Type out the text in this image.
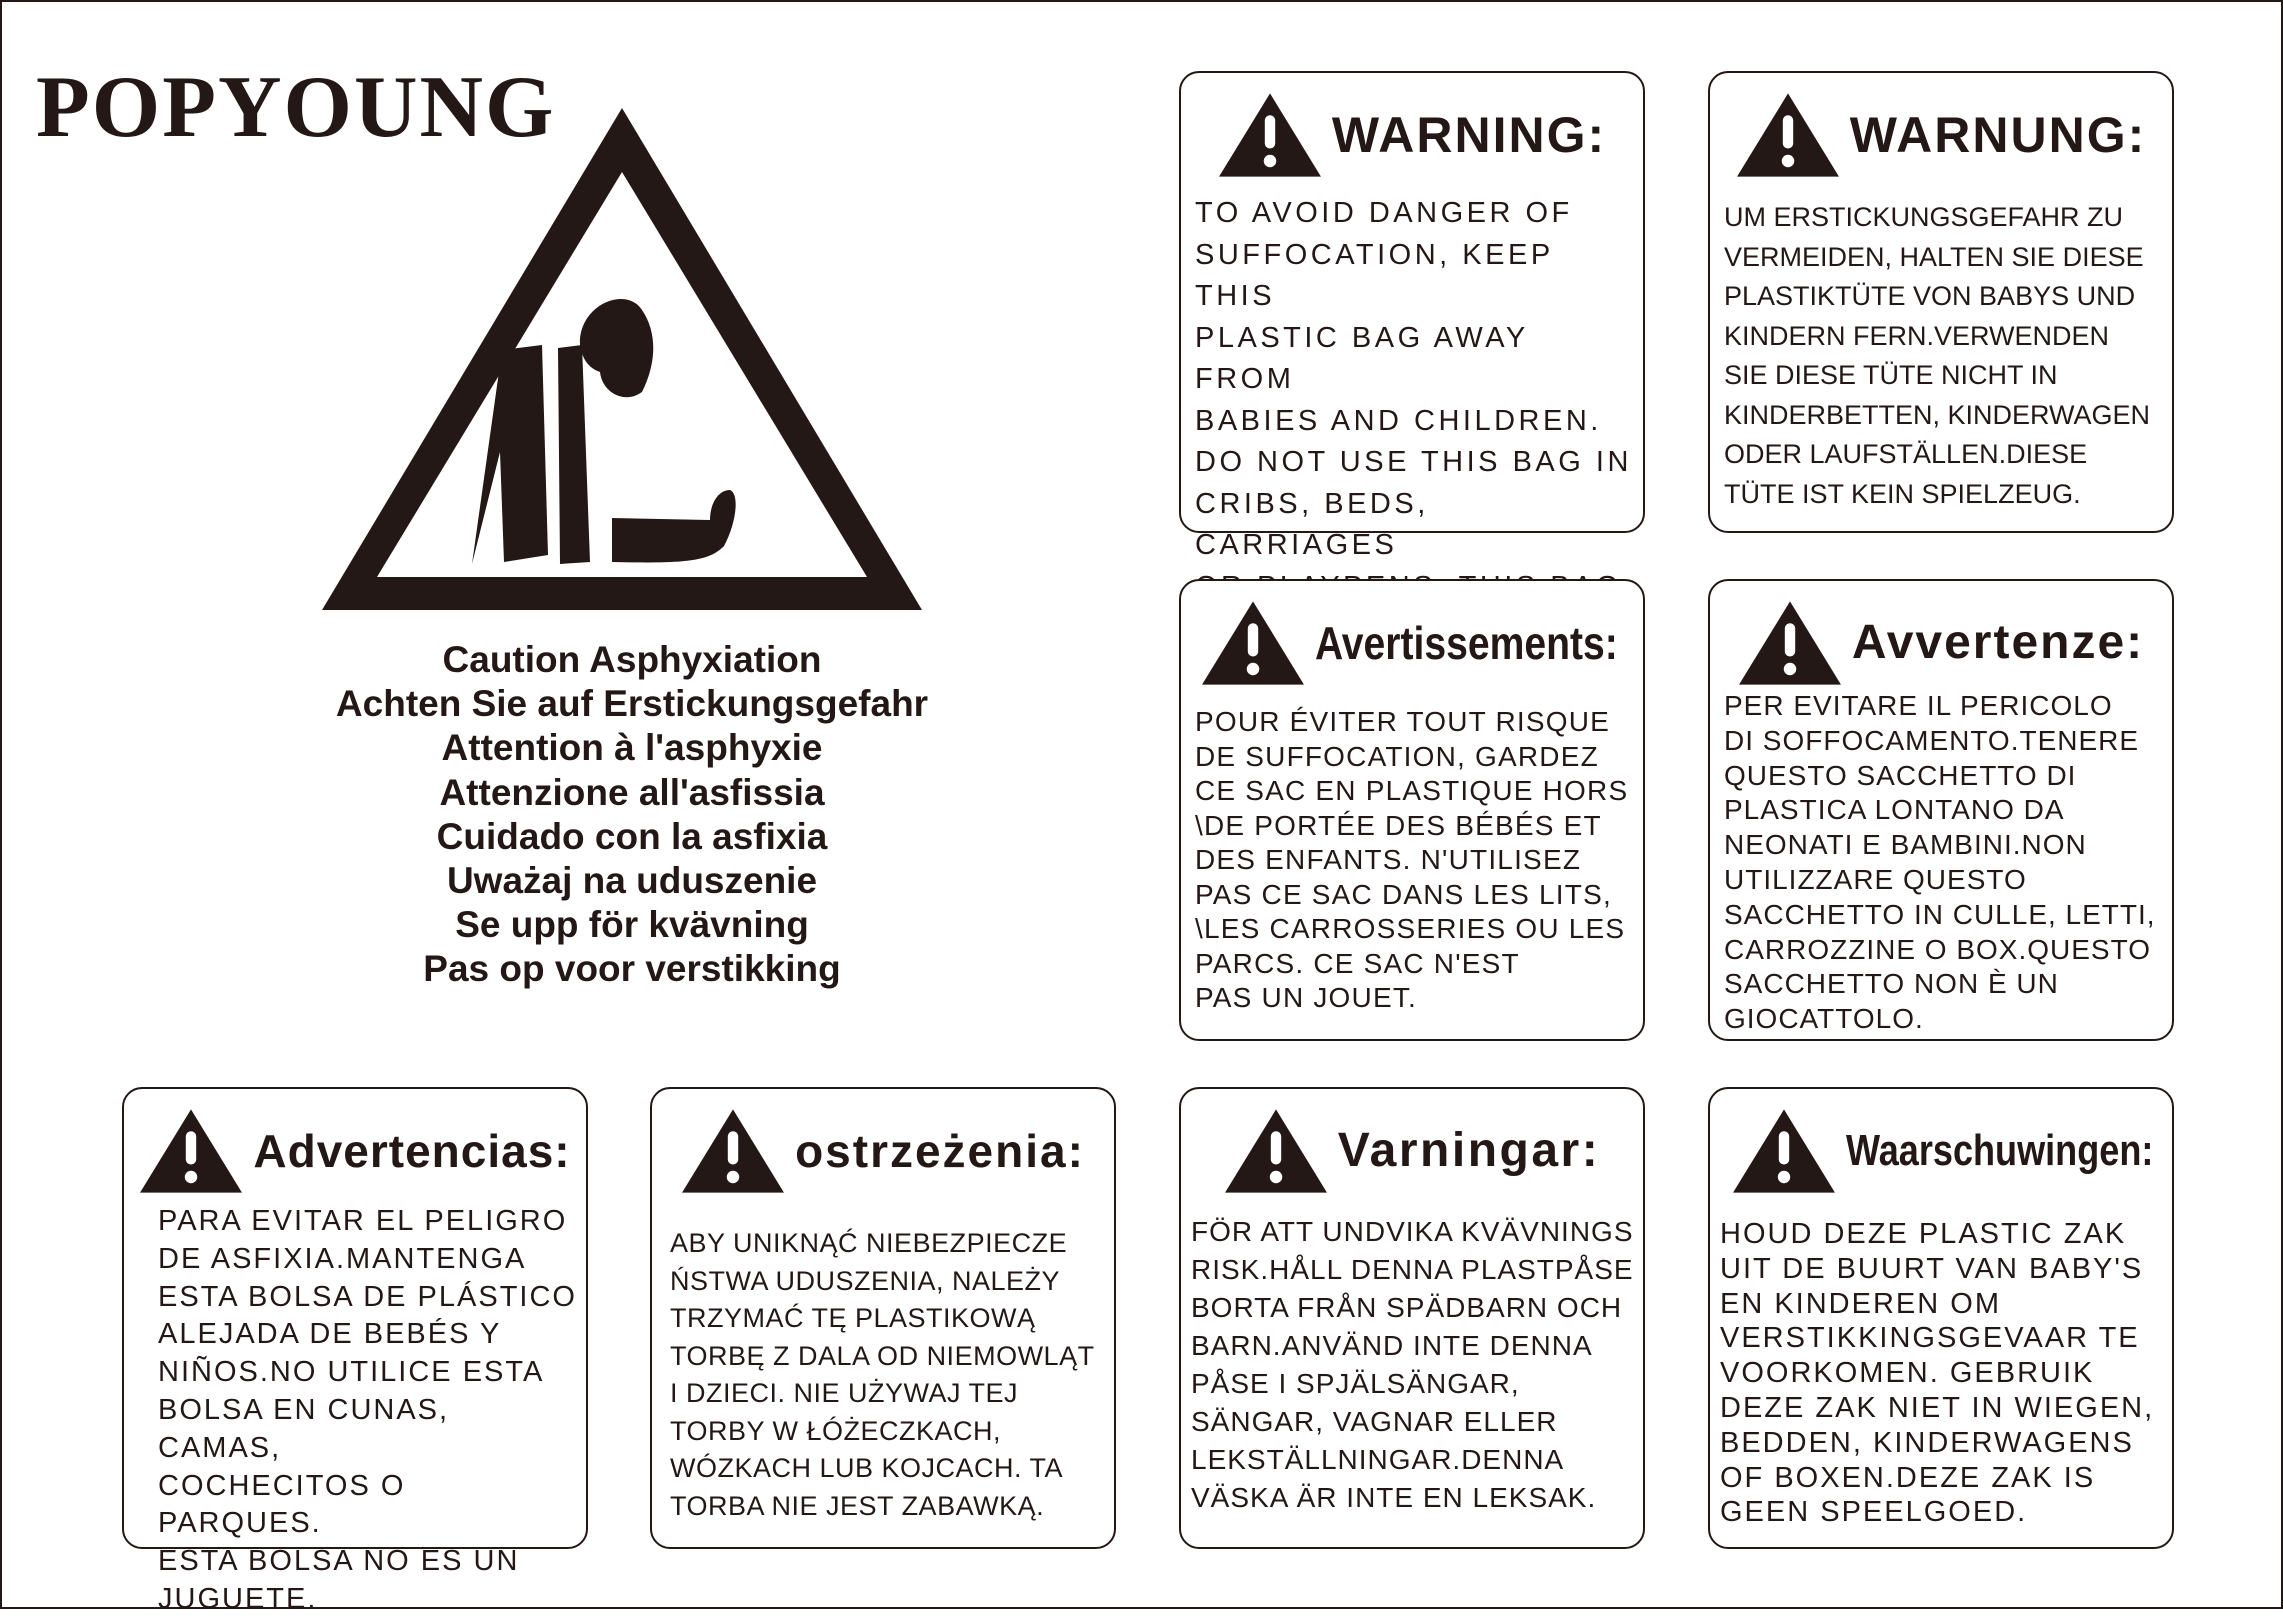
POPYOUNG
Caution Asphyxiation
Achten Sie auf Erstickungsgefahr
Attention à l'asphyxie
Attenzione all'asfissia
Cuidado con la asfixia
Uważaj na uduszenie
Se upp för kvävning
Pas op voor verstikking
WARNING:
TO AVOID DANGER OF
SUFFOCATION, KEEP THIS
PLASTIC BAG AWAY FROM
BABIES AND CHILDREN.
DO NOT USE THIS BAG IN
CRIBS, BEDS, CARRIAGES

WARNUNG:
UM ERSTICKUNGSGEFAHR ZU
VERMEIDEN, HALTEN SIE DIESE
PLASTIKTÜTE VON BABYS UND
KINDERN FERN.VERWENDEN
SIE DIESE TÜTE NICHT IN
KINDERBETTEN, KINDERWAGEN
ODER LAUFSTÄLLEN.DIESE
TÜTE IST KEIN SPIELZEUG.
Avertissements:
POUR ÉVITER TOUT RISQUE
DE SUFFOCATION, GARDEZ
CE SAC EN PLASTIQUE HORS
\DE PORTÉE DES BÉBÉS ET
DES ENFANTS. N'UTILISEZ
PAS CE SAC DANS LES LITS,
\LES CARROSSERIES OU LES
PARCS. CE SAC N'EST
PAS UN JOUET.
Avvertenze:
PER EVITARE IL PERICOLO
DI SOFFOCAMENTO.TENERE
QUESTO SACCHETTO DI
PLASTICA LONTANO DA
NEONATI E BAMBINI.NON
UTILIZZARE QUESTO
SACCHETTO IN CULLE, LETTI,
CARROZZINE O BOX.QUESTO
SACCHETTO NON È UN
GIOCATTOLO.
Advertencias:
PARA EVITAR EL PELIGRO
DE ASFIXIA.MANTENGA
ESTA BOLSA DE PLÁSTICO
ALEJADA DE BEBÉS Y
NIÑOS.NO UTILICE ESTA
BOLSA EN CUNAS, CAMAS,
COCHECITOS O PARQUES.
ESTA BOLSA NO ES UN
JUGUETE.
ostrzeżenia:
ABY UNIKNĄĆ NIEBEZPIECZE
ŃSTWA UDUSZENIA, NALEŻY
TRZYMAĆ TĘ PLASTIKOWĄ
TORBĘ Z DALA OD NIEMOWLĄT
I DZIECI. NIE UŻYWAJ TEJ
TORBY W ŁÓŻECZKACH,
WÓZKACH LUB KOJCACH. TA
TORBA NIE JEST ZABAWKĄ.
Varningar:
FÖR ATT UNDVIKA KVÄVNINGS
RISK.HÅLL DENNA PLASTPÅSE
BORTA FRÅN SPÄDBARN OCH
BARN.ANVÄND INTE DENNA
PÅSE I SPJÄLSÄNGAR,
SÄNGAR, VAGNAR ELLER
LEKSTÄLLNINGAR.DENNA
VÄSKA ÄR INTE EN LEKSAK.
Waarschuwingen:
HOUD DEZE PLASTIC ZAK
UIT DE BUURT VAN BABY'S
EN KINDEREN OM
VERSTIKKINGSGEVAAR TE
VOORKOMEN. GEBRUIK
DEZE ZAK NIET IN WIEGEN,
BEDDEN, KINDERWAGENS
OF BOXEN.DEZE ZAK IS
GEEN SPEELGOED.
